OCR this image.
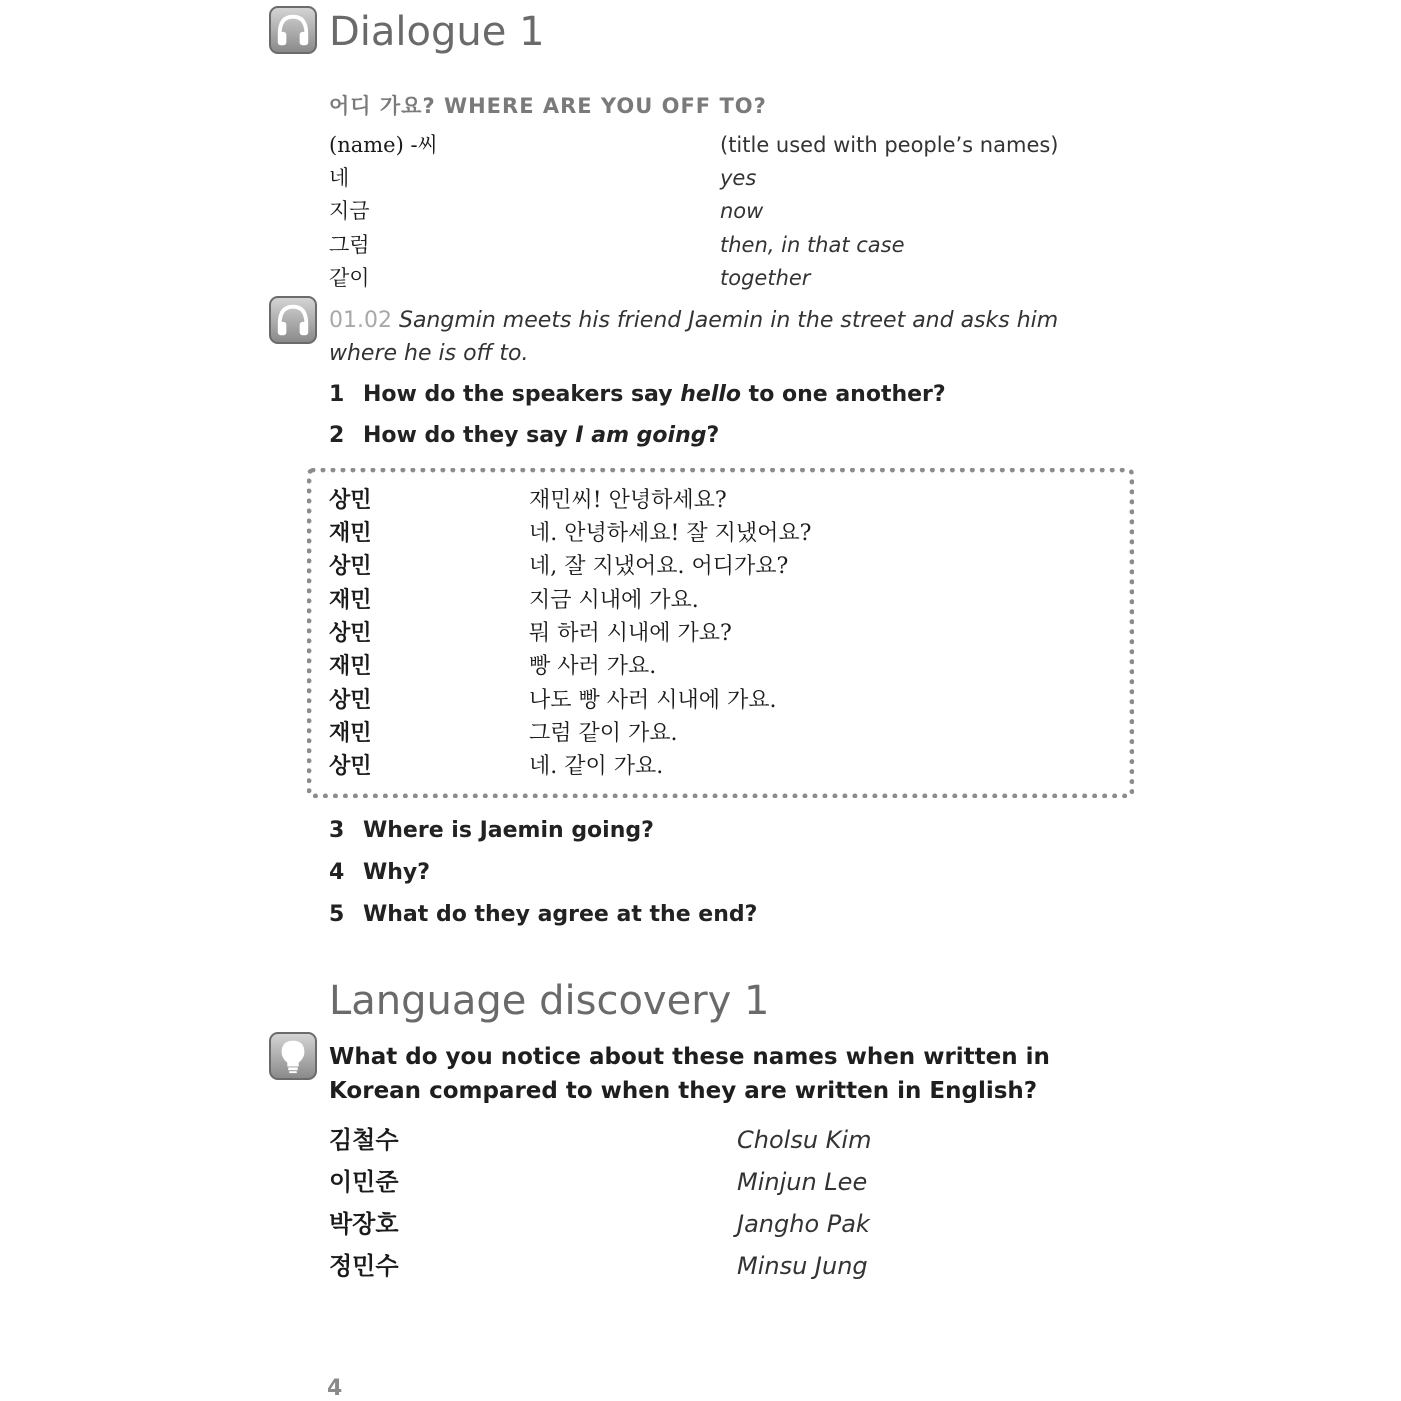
Dialogue 1
어디 가요? WHERE ARE YOU OFF TO?
(name) -씨	(title used with people’s names)
네	yes
지금	now
그럼	then, in that case
같이	together
01.02 Sangmin meets his friend Jaemin in the street and asks him where he is off to.
1 How do the speakers say hello to one another?
2 How do they say I am going?
상민	재민씨! 안녕하세요?
재민	네. 안녕하세요! 잘 지냈어요?
상민	네, 잘 지냈어요. 어디가요?
재민	지금 시내에 가요.
상민	뭐 하러 시내에 가요?
재민	빵 사러 가요.
상민	나도 빵 사러 시내에 가요.
재민	그럼 같이 가요.
상민	네. 같이 가요.
3 Where is Jaemin going?
4 Why?
5 What do they agree at the end?
Language discovery 1
What do you notice about these names when written in Korean compared to when they are written in English?
김철수	Cholsu Kim
이민준	Minjun Lee
박장호	Jangho Pak
정민수	Minsu Jung
4
